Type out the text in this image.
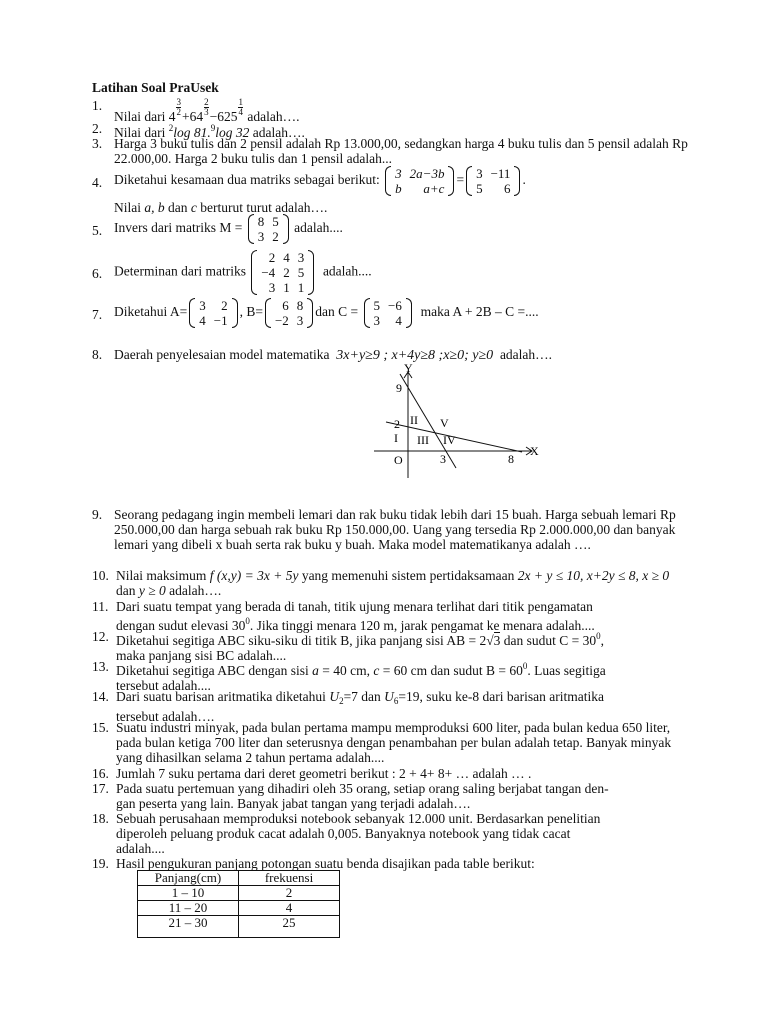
Latihan Soal PraUsek
1.
Nilai dari $4 \frac{3}{2} +64 \frac{2}{3} -625 \frac{1}{4}$ adalah….
2. Nilai dari $^2$log 81.$^9$log 32 adalah….
3. Harga 3 buku tulis dan 2 pensil adalah Rp 13.000,00, sedangkan harga 4 buku tulis dan 5 pensil adalah Rp 22.000,00. Harga 2 buku tulis dan 1 pensil adalah...
4. Diketahui kesamaan dua matriks sebagai berikut: 3	2a−3b
b	a+c
= 3	−11
5	6
.
Nilai a, b dan c berturut turut adalah….
5. Invers dari matriks M = 8	5
3	2
adalah....
6. Determinan dari matriks
2	4	3
−4	2	5
3	1	1
adalah....
7. Diketahui A= 3	2
4	−1
, B= 6	8
−2	3
dan C = 5	−6
3	4
maka A + 2B – C =....
8. Daerah penyelesaian model matematika 3x+y≥9 ; x+4y≥8 ;x≥0; y≥0 adalah….
Y
X
O
9
2
3	8
I
II
III IV
V
9. Seorang pedagang ingin membeli lemari dan rak buku tidak lebih dari 15 buah. Harga sebuah lemari Rp 250.000,00 dan harga sebuah rak buku Rp 150.000,00. Uang yang tersedia Rp 2.000.000,00 dan banyak lemari yang dibeli x buah serta rak buku y buah. Maka model matematikanya adalah ….
10. Nilai maksimum f (x,y) = 3x + 5y yang memenuhi sistem pertidaksamaan 2x + y ≤ 10, x+2y ≤ 8, x ≥ 0 dan y ≥ 0 adalah….
11. Dari suatu tempat yang berada di tanah, titik ujung menara terlihat dari titik pengamatan
dengan sudut elevasi $30^0$. Jika tinggi menara 120 m, jarak pengamat ke menara adalah....
12. Diketahui segitiga ABC siku-siku di titik B, jika panjang sisi AB = 2√3 dan sudut $C = 30^0$,
maka panjang sisi BC adalah....
13. Diketahui segitiga ABC dengan sisi a = 40 cm, c = 60 cm dan sudut $B = 60^0$. Luas segitiga
tersebut adalah....
14. Dari suatu barisan aritmatika diketahui $U_2=7$ dan $U_6=19$, suku ke-8 dari barisan aritmatika
tersebut adalah….
15. Suatu industri minyak, pada bulan pertama mampu memproduksi 600 liter, pada bulan kedua 650 liter, pada bulan ketiga 700 liter dan seterusnya dengan penambahan per bulan adalah tetap. Banyak minyak yang dihasilkan selama 2 tahun pertama adalah....
16. Jumlah 7 suku pertama dari deret geometri berikut : 2 + 4+ 8+ … adalah … .
17. Pada suatu pertemuan yang dihadiri oleh 35 orang, setiap orang saling berjabat tangan den-
gan peserta yang lain. Banyak jabat tangan yang terjadi adalah….
18. Sebuah perusahaan memproduksi notebook sebanyak 12.000 unit. Berdasarkan penelitian
diperoleh peluang produk cacat adalah 0,005. Banyaknya notebook yang tidak cacat
adalah....
19. Hasil pengukuran panjang potongan suatu benda disajikan pada table berikut:
Panjang(cm)	frekuensi
1 – 10	2
11 – 20	4
21 – 30	25
